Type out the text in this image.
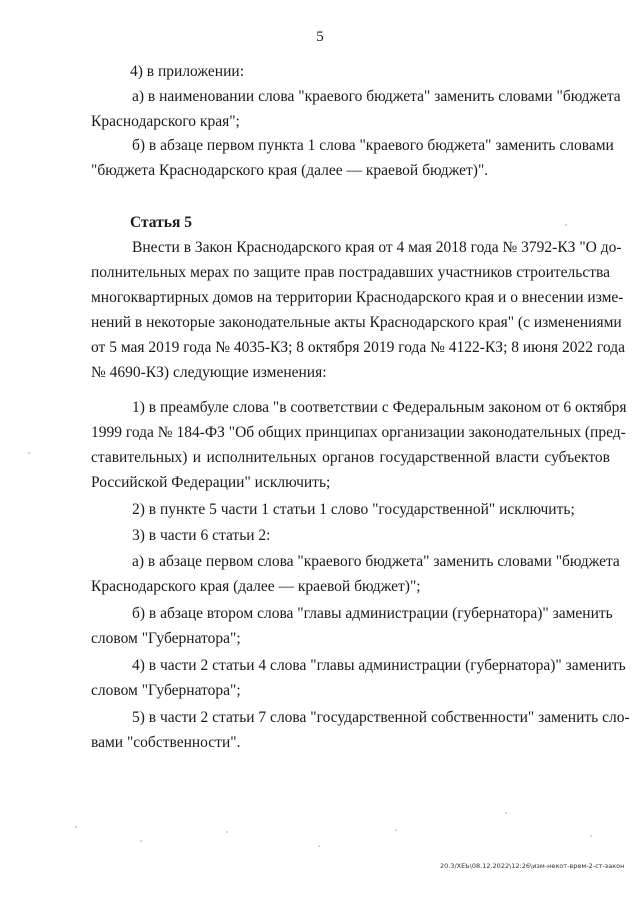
5
4) в приложении:
а) в наименовании слова "краевого бюджета" заменить словами "бюджета
Краснодарского края";
б) в абзаце первом пункта 1 слова "краевого бюджета" заменить словами
"бюджета Краснодарского края (далее — краевой бюджет)".
Статья 5
Внести в Закон Краснодарского края от 4 мая 2018 года № 3792-КЗ "О до-
полнительных мерах по защите прав пострадавших участников строительства
многоквартирных домов на территории Краснодарского края и о внесении изме-
нений в некоторые законодательные акты Краснодарского края" (с изменениями
от 5 мая 2019 года № 4035-КЗ; 8 октября 2019 года № 4122-КЗ; 8 июня 2022 года
№ 4690-КЗ) следующие изменения:
1) в преамбуле слова "в соответствии с Федеральным законом от 6 октября
1999 года № 184-ФЗ "Об общих принципах организации законодательных (пред-
ставительных) и исполнительных органов государственной власти субъектов
Российской Федерации" исключить;
2) в пункте 5 части 1 статьи 1 слово "государственной" исключить;
3) в части 6 статьи 2:
а) в абзаце первом слова "краевого бюджета" заменить словами "бюджета
Краснодарского края (далее — краевой бюджет)";
б) в абзаце втором слова "главы администрации (губернатора)" заменить
словом "Губернатора";
4) в части 2 статьи 4 слова "главы администрации (губернатора)" заменить
словом "Губернатора";
5) в части 2 статьи 7 слова "государственной собственности" заменить сло-
вами "собственности".
20.3/ХЕЬ\08.12.2022\12:26\изм-некот-врем-2-ст-закон
